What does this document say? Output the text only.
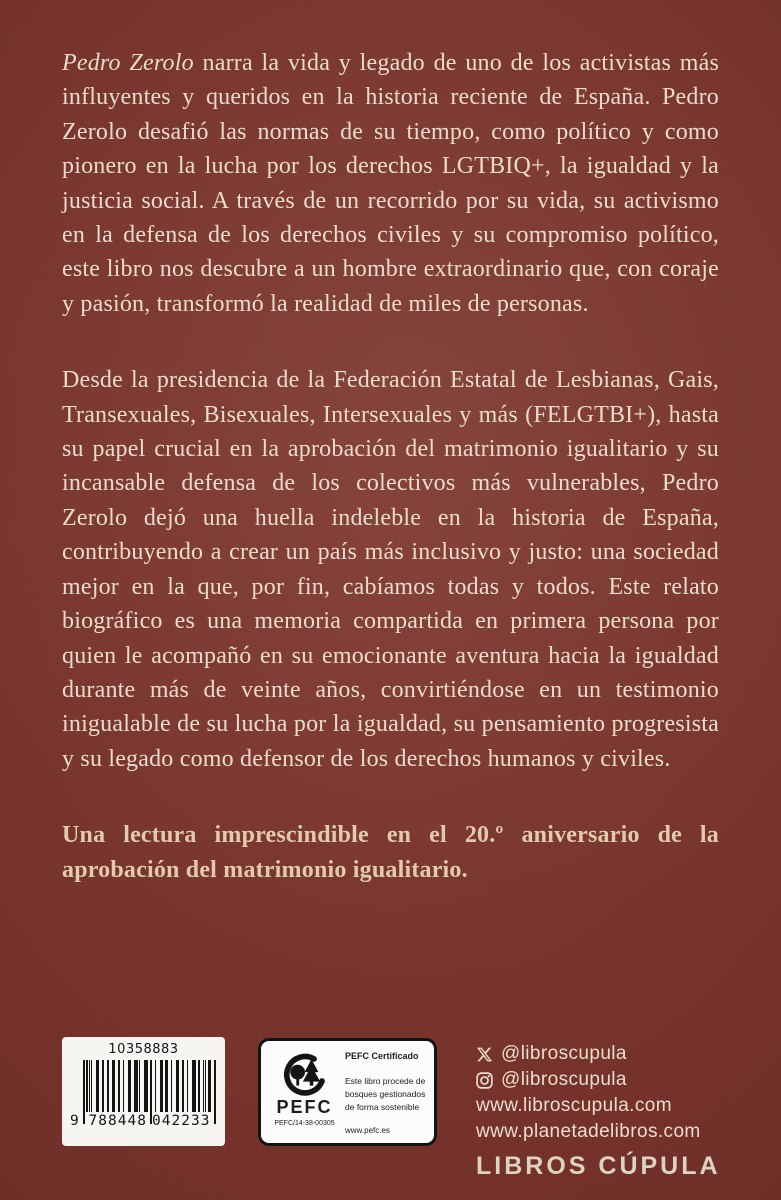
Pedro Zerolo narra la vida y legado de uno de los activistas más influyentes y queridos en la historia reciente de España. Pedro Zerolo desafió las normas de su tiempo, como político y como pionero en la lucha por los derechos LGTBIQ+, la igualdad y la justicia social. A través de un recorrido por su vida, su activismo en la defensa de los derechos civiles y su compromiso político, este libro nos descubre a un hombre extraordinario que, con coraje y pasión, transformó la realidad de miles de personas.

Desde la presidencia de la Federación Estatal de Lesbianas, Gais, Transexuales, Bisexuales, Intersexuales y más (FELGTBI+), hasta su papel crucial en la aprobación del matrimonio igualitario y su incansable defensa de los colectivos más vulnerables, Pedro Zerolo dejó una huella indeleble en la historia de España, contribuyendo a crear un país más inclusivo y justo: una sociedad mejor en la que, por fin, cabíamos todas y todos. Este relato biográfico es una memoria compartida en primera persona por quien le acompañó en su emocionante aventura hacia la igualdad durante más de veinte años, convirtiéndose en un testimonio inigualable de su lucha por la igualdad, su pensamiento progresista y su legado como defensor de los derechos humanos y civiles.

Una lectura imprescindible en el 20.º aniversario de la aprobación del matrimonio igualitario.

10358883
9 788448 042233
PEFC
PEFC/14-38-00305
PEFC Certificado
Este libro procede de bosques gestionados de forma sostenible
www.pefc.es
@libroscupula
@libroscupula
www.libroscupula.com
www.planetadelibros.com
LIBROS CÚPULA
